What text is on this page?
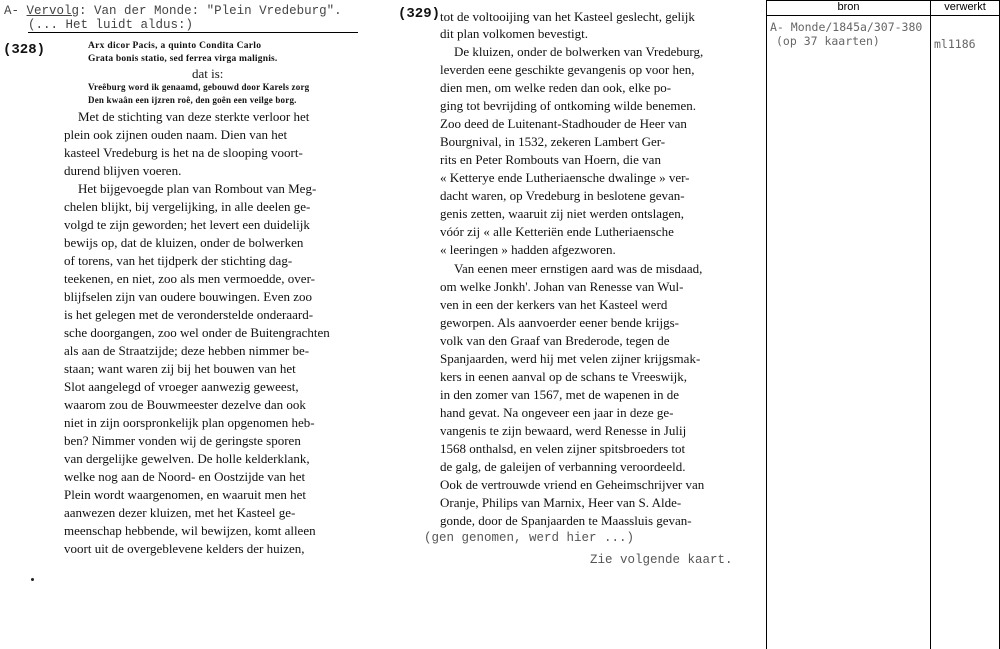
A- Vervolg: Van der Monde: "Plein Vredeburg".
(... Het luidt aldus:)
(328)
(329)
Arx dicor Pacis, a quinto Condita Carlo
Grata bonis statio, sed ferrea virga malignis.
dat is:
Vreêburg word ik genaamd, gebouwd door Karels zorg
Den kwaân een ijzren roê, den goên een veilge borg.
Met de stichting van deze sterkte verloor het
plein ook zijnen ouden naam. Dien van het
kasteel Vredeburg is het na de slooping voort-
durend blijven voeren.
Het bijgevoegde plan van Rombout van Meg-
chelen blijkt, bij vergelijking, in alle deelen ge-
volgd te zijn geworden; het levert een duidelijk
bewijs op, dat de kluizen, onder de bolwerken
of torens, van het tijdperk der stichting dag-
teekenen, en niet, zoo als men vermoedde, over-
blijfselen zijn van oudere bouwingen. Even zoo
is het gelegen met de veronderstelde onderaard-
sche doorgangen, zoo wel onder de Buitengrachten
als aan de Straatzijde; deze hebben nimmer be-
staan; want waren zij bij het bouwen van het
Slot aangelegd of vroeger aanwezig geweest,
waarom zou de Bouwmeester dezelve dan ook
niet in zijn oorspronkelijk plan opgenomen heb-
ben? Nimmer vonden wij de geringste sporen
van dergelijke gewelven. De holle kelderklank,
welke nog aan de Noord- en Oostzijde van het
Plein wordt waargenomen, en waaruit men het
aanwezen dezer kluizen, met het Kasteel ge-
meenschap hebbende, wil bewijzen, komt alleen
voort uit de overgeblevene kelders der huizen,
tot de voltooijing van het Kasteel geslecht, gelijk
dit plan volkomen bevestigt.
De kluizen, onder de bolwerken van Vredeburg,
leverden eene geschikte gevangenis op voor hen,
dien men, om welke reden dan ook, elke po-
ging tot bevrijding of ontkoming wilde benemen.
Zoo deed de Luitenant-Stadhouder de Heer van
Bourgnival, in 1532, zekeren Lambert Ger-
rits en Peter Rombouts van Hoern, die van
« Ketterye ende Lutheriaensche dwalinge » ver-
dacht waren, op Vredeburg in beslotene gevan-
genis zetten, waaruit zij niet werden ontslagen,
vóór zij « alle Ketteriën ende Lutheriaensche
« leeringen » hadden afgezworen.
Van eenen meer ernstigen aard was de misdaad,
om welke Jonkh'. Johan van Renesse van Wul-
ven in een der kerkers van het Kasteel werd
geworpen. Als aanvoerder eener bende krijgs-
volk van den Graaf van Brederode, tegen de
Spanjaarden, werd hij met velen zijner krijgsmak-
kers in eenen aanval op de schans te Vreeswijk,
in den zomer van 1567, met de wapenen in de
hand gevat. Na ongeveer een jaar in deze ge-
vangenis te zijn bewaard, werd Renesse in Julij
1568 onthalsd, en velen zijner spitsbroeders tot
de galg, de galeijen of verbanning veroordeeld.
Ook de vertrouwde vriend en Geheimschrijver van
Oranje, Philips van Marnix, Heer van S. Alde-
gonde, door de Spanjaarden te Maassluis gevan-
(gen genomen, werd hier ...)
Zie volgende kaart.
bron	verwerkt
A- Monde/1845a/307-380
(op 37 kaarten)	ml1186
